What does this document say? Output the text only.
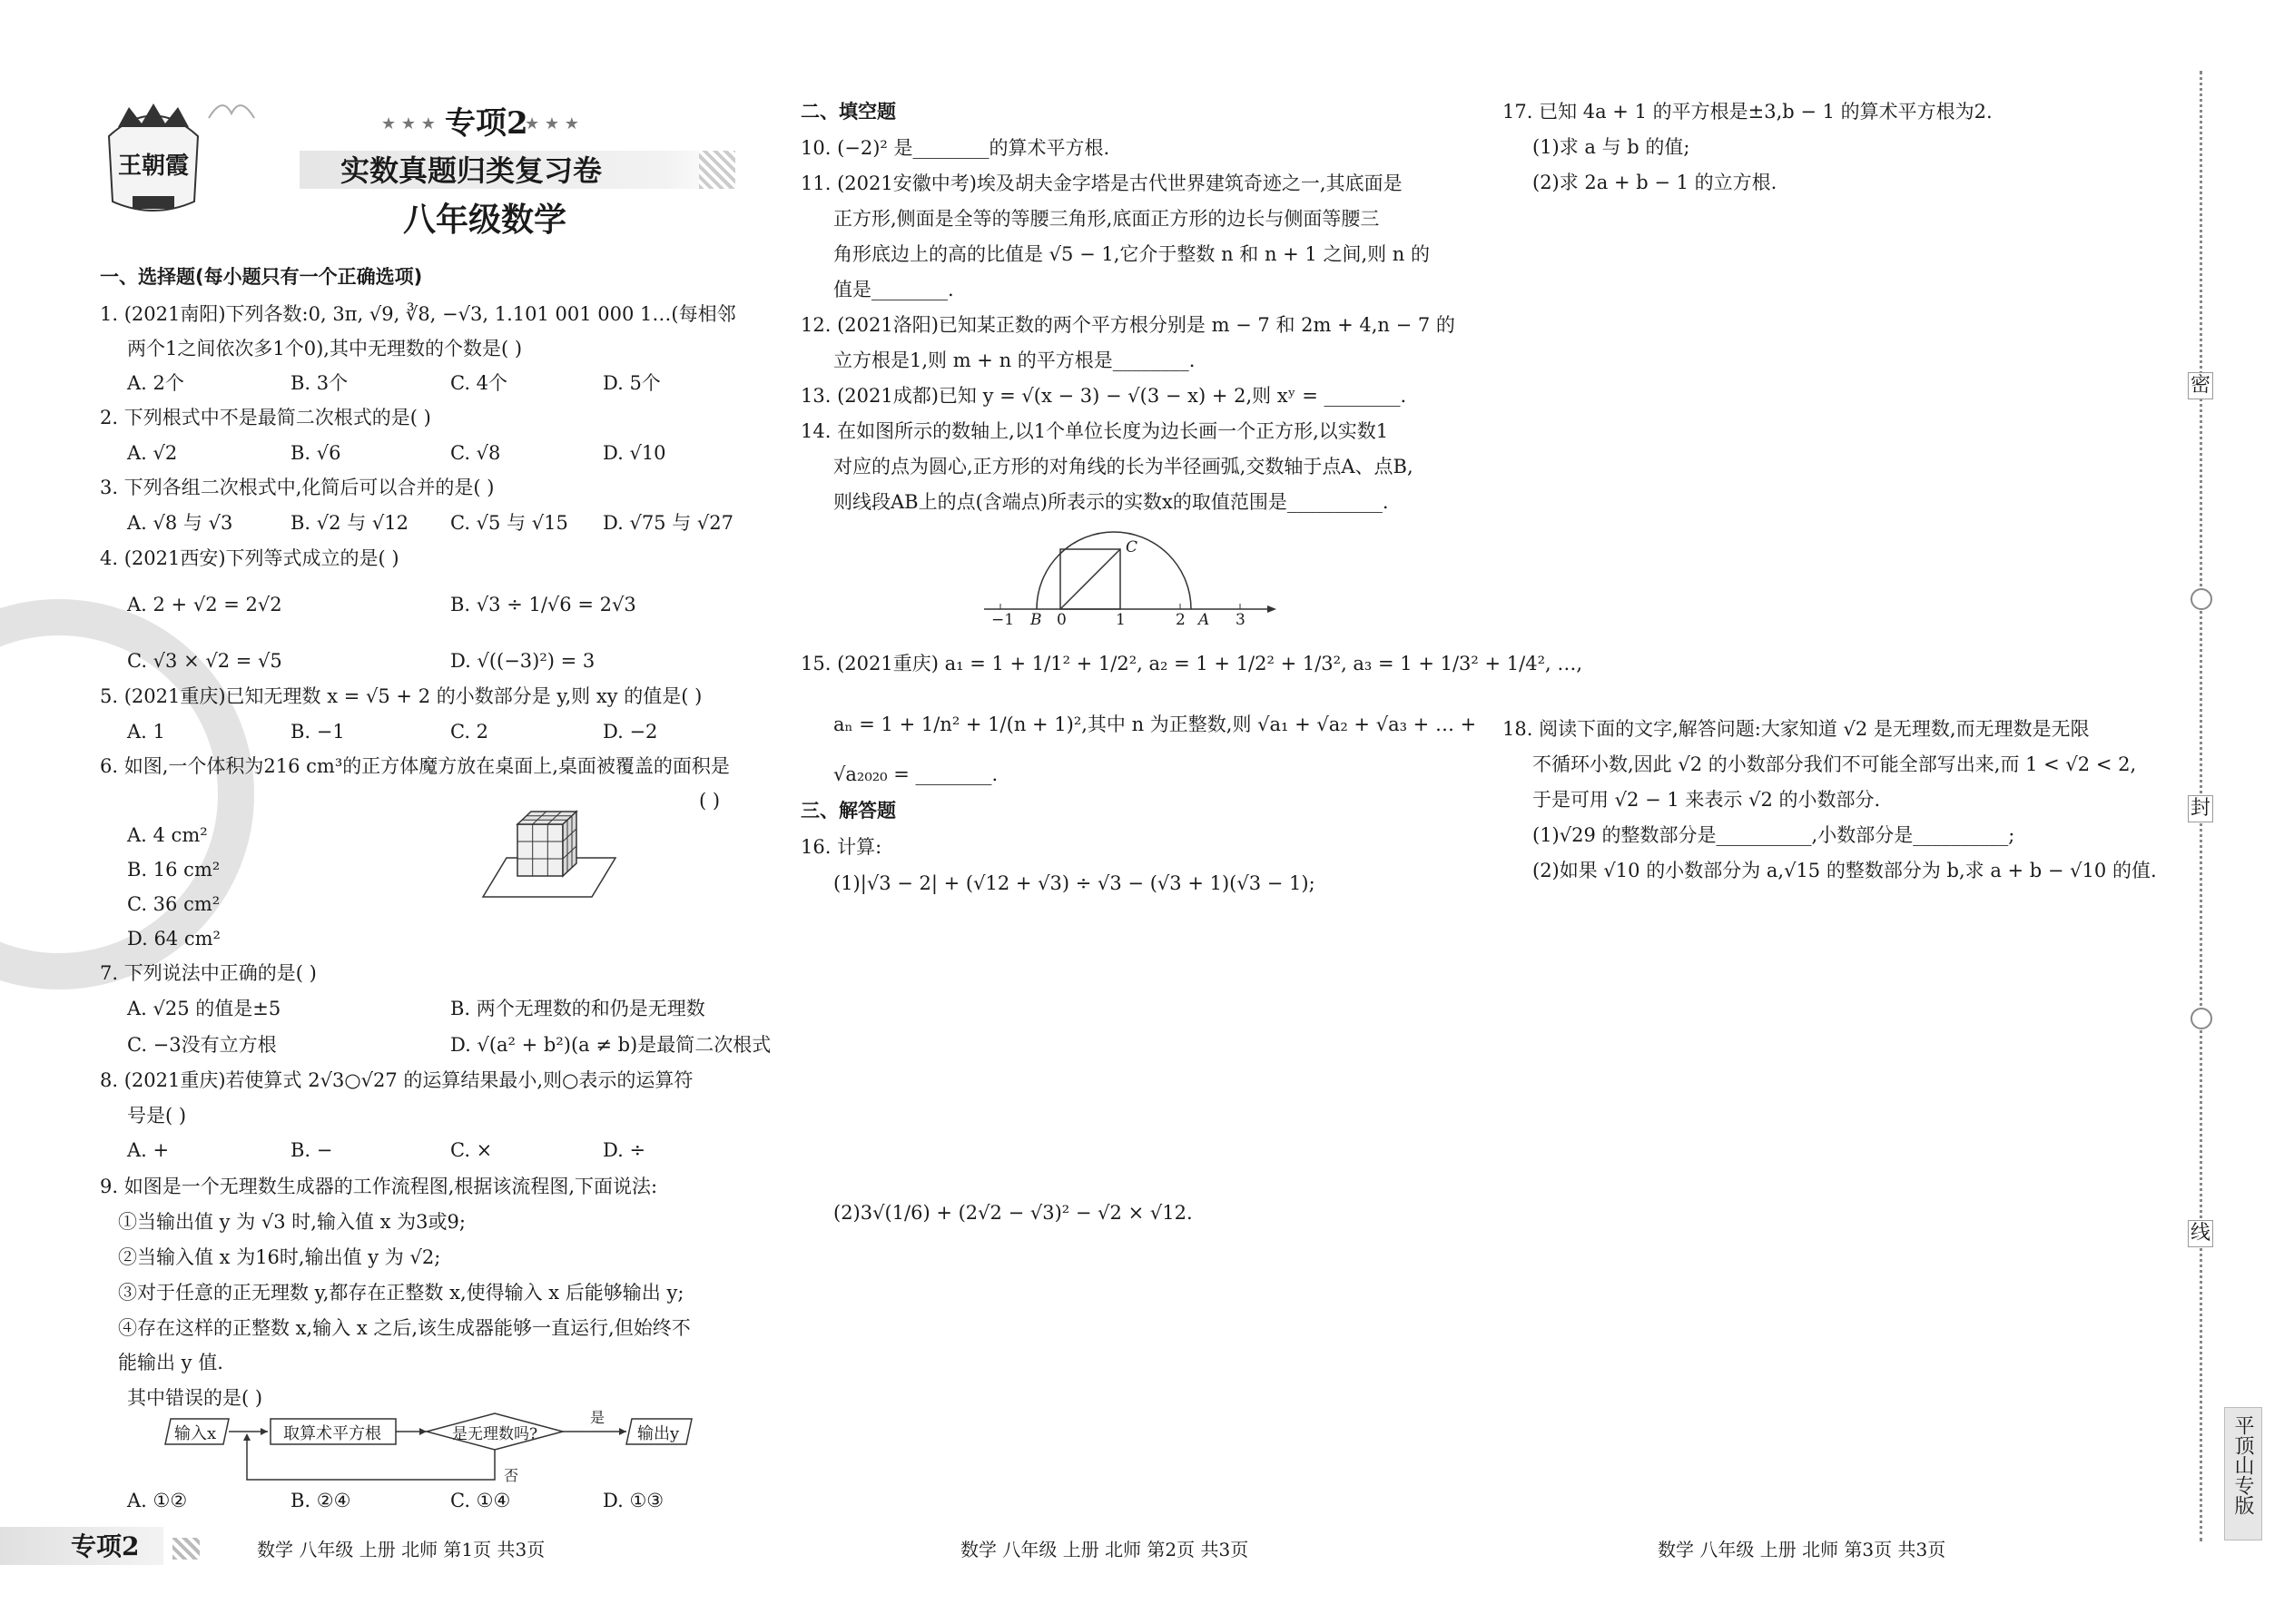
王朝霞
★ ★ ★ 专项2
★ ★ ★
实数真题归类复习卷
八年级数学
一、选择题(每小题只有一个正确选项)
1. (2021南阳)下列各数:0, 3π, √9, ∛8, −√3, 1.101 001 000 1…(每相邻
两个1之间依次多1个0),其中无理数的个数是( )
A. 2个	B. 3个	C. 4个	D. 5个
2. 下列根式中不是最简二次根式的是( )
A. √2	B. √6	C. √8	D. √10
3. 下列各组二次根式中,化简后可以合并的是( )
A. √8 与 √3	B. √2 与 √12 C. √5 与 √15 D. √75 与 √27
4. (2021西安)下列等式成立的是( )
A. 2 + √2 = 2√2	B. √3 ÷ 1/√6 = 2√3
C. √3 × √2 = √5	D. √((−3)²) = 3
5. (2021重庆)已知无理数 x = √5 + 2 的小数部分是 y,则 xy 的值是( )
A. 1	B. −1	C. 2	D. −2
6. 如图,一个体积为216 cm³的正方体魔方放在桌面上,桌面被覆盖的面积是
( )
A. 4 cm²
B. 16 cm²
C. 36 cm²
D. 64 cm²
7. 下列说法中正确的是( )
A. √25 的值是±5	B. 两个无理数的和仍是无理数
C. −3没有立方根	D. √(a² + b²)(a ≠ b)是最简二次根式
8. (2021重庆)若使算式 2√3○√27 的运算结果最小,则○表示的运算符
号是( )
A. +	B. −	C. ×	D. ÷
9. 如图是一个无理数生成器的工作流程图,根据该流程图,下面说法:
①当输出值 y 为 √3 时,输入值 x 为3或9;
②当输入值 x 为16时,输出值 y 为 √2;
③对于任意的正无理数 y,都存在正整数 x,使得输入 x 后能够输出 y;
④存在这样的正整数 x,输入 x 之后,该生成器能够一直运行,但始终不
能输出 y 值.
其中错误的是( )
输入x	取算术平方根	是无理数吗?	输出y
是
否
A. ①②	B. ②④	C. ①④	D. ①③
专项2	数学 八年级 上册 北师 第1页 共3页
二、填空题
10. (−2)² 是________的算术平方根.
11. (2021安徽中考)埃及胡夫金字塔是古代世界建筑奇迹之一,其底面是
正方形,侧面是全等的等腰三角形,底面正方形的边长与侧面等腰三
角形底边上的高的比值是 √5 − 1,它介于整数 n 和 n + 1 之间,则 n 的
值是________.
12. (2021洛阳)已知某正数的两个平方根分别是 m − 7 和 2m + 4,n − 7 的
立方根是1,则 m + n 的平方根是________.
13. (2021成都)已知 y = √(x − 3) − √(3 − x) + 2,则 xʸ = ________.
14. 在如图所示的数轴上,以1个单位长度为边长画一个正方形,以实数1
对应的点为圆心,正方形的对角线的长为半径画弧,交数轴于点A、点B,
则线段AB上的点(含端点)所表示的实数x的取值范围是__________.
−1 B 0	1	2 A 3
C
15. (2021重庆) a₁ = 1 + 1/1² + 1/2², a₂ = 1 + 1/2² + 1/3², a₃ = 1 + 1/3² + 1/4², …,
aₙ = 1 + 1/n² + 1/(n + 1)²,其中 n 为正整数,则 √a₁ + √a₂ + √a₃ + … +
√a₂₀₂₀ = ________.
三、解答题
16. 计算:
(1)|√3 − 2| + (√12 + √3) ÷ √3 − (√3 + 1)(√3 − 1);
(2)3√(1/6) + (2√2 − √3)² − √2 × √12.
数学 八年级 上册 北师 第2页 共3页
17. 已知 4a + 1 的平方根是±3,b − 1 的算术平方根为2.
(1)求 a 与 b 的值;
(2)求 2a + b − 1 的立方根.
18. 阅读下面的文字,解答问题:大家知道 √2 是无理数,而无理数是无限
不循环小数,因此 √2 的小数部分我们不可能全部写出来,而 1 < √2 < 2,
于是可用 √2 − 1 来表示 √2 的小数部分.
(1)√29 的整数部分是__________,小数部分是__________;
(2)如果 √10 的小数部分为 a,√15 的整数部分为 b,求 a + b − √10 的值.
数学 八年级 上册 北师 第3页 共3页
密
封
线
平顶山专版
